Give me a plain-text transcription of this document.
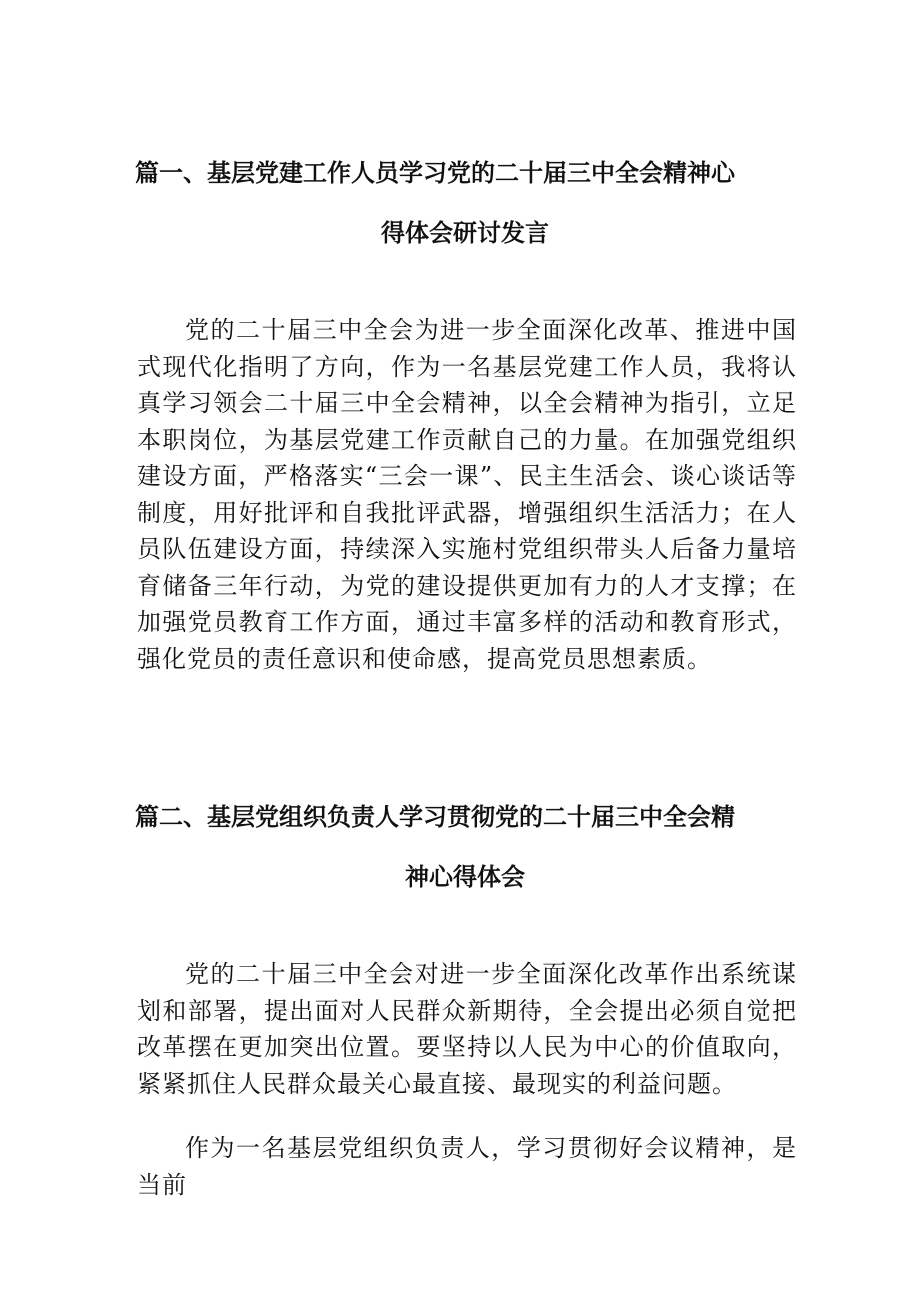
篇一、基层党建工作人员学习党的二十届三中全会精神心
得体会研讨发言

党的二十届三中全会为进一步全面深化改革、推进中国式现代化指明了方向，作为一名基层党建工作人员，我将认真学习领会二十届三中全会精神，以全会精神为指引，立足本职岗位，为基层党建工作贡献自己的力量。在加强党组织建设方面，严格落实“三会一课”、民主生活会、谈心谈话等制度，用好批评和自我批评武器，增强组织生活活力；在人员队伍建设方面，持续深入实施村党组织带头人后备力量培育储备三年行动，为党的建设提供更加有力的人才支撑；在加强党员教育工作方面，通过丰富多样的活动和教育形式，强化党员的责任意识和使命感，提高党员思想素质。

篇二、基层党组织负责人学习贯彻党的二十届三中全会精
神心得体会

党的二十届三中全会对进一步全面深化改革作出系统谋划和部署，提出面对人民群众新期待，全会提出必须自觉把改革摆在更加突出位置。要坚持以人民为中心的价值取向，紧紧抓住人民群众最关心最直接、最现实的利益问题。

作为一名基层党组织负责人，学习贯彻好会议精神，是当前
